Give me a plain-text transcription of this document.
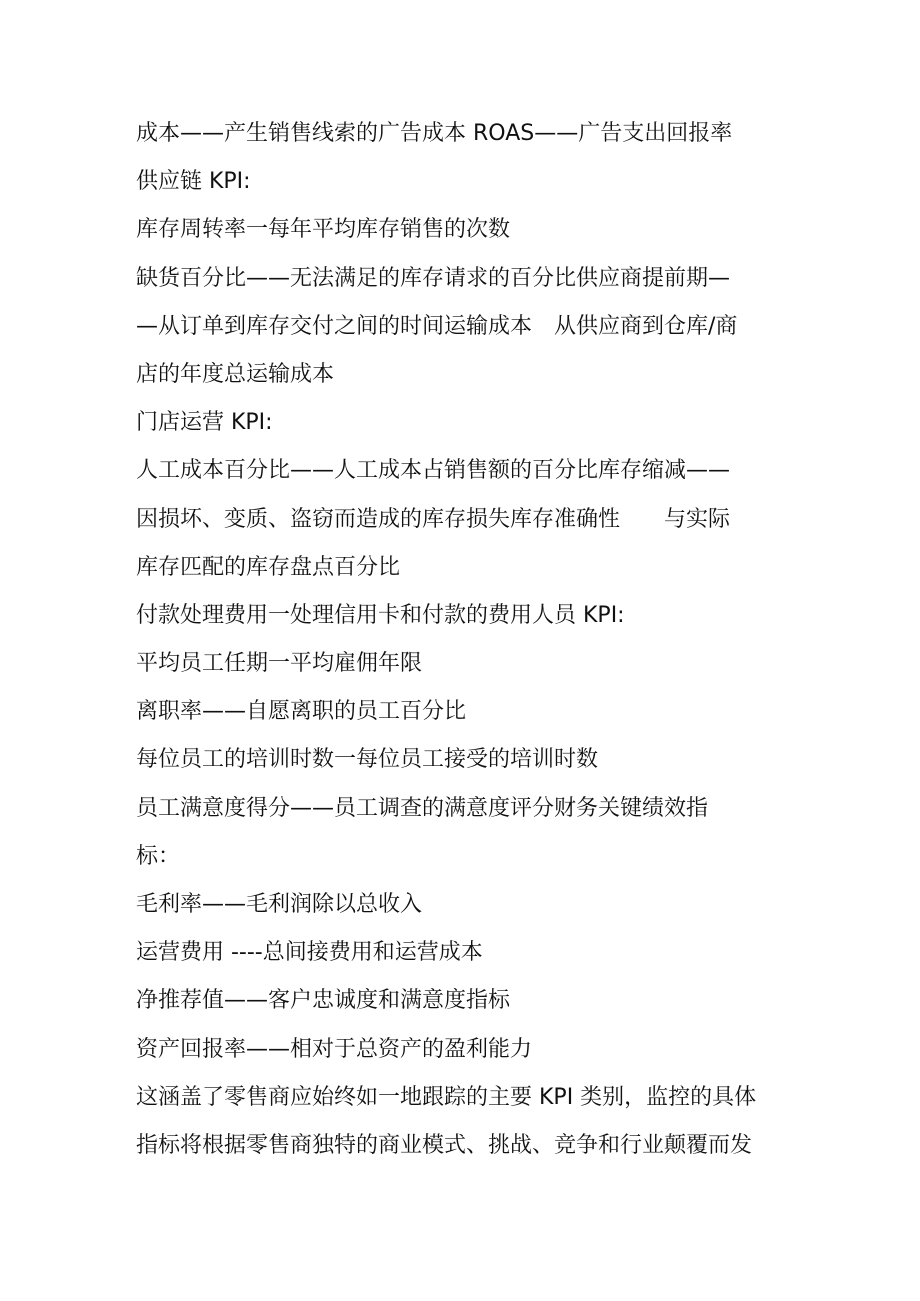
成本——产生销售线索的广告成本 ROAS——广告支出回报率
供应链 KPI:
库存周转率一每年平均库存销售的次数
缺货百分比——无法满足的库存请求的百分比供应商提前期—
—从订单到库存交付之间的时间运输成本　从供应商到仓库/商
店的年度总运输成本
门店运营 KPI:
人工成本百分比——人工成本占销售额的百分比库存缩减——
因损坏、变质、盗窃而造成的库存损失库存准确性　　与实际
库存匹配的库存盘点百分比
付款处理费用一处理信用卡和付款的费用人员 KPI:
平均员工任期一平均雇佣年限
离职率——自愿离职的员工百分比
每位员工的培训时数一每位员工接受的培训时数
员工满意度得分——员工调查的满意度评分财务关键绩效指
标：
毛利率——毛利润除以总收入
运营费用 ----总间接费用和运营成本
净推荐值——客户忠诚度和满意度指标
资产回报率——相对于总资产的盈利能力
这涵盖了零售商应始终如一地跟踪的主要 KPI 类别，监控的具体
指标将根据零售商独特的商业模式、挑战、竞争和行业颠覆而发
